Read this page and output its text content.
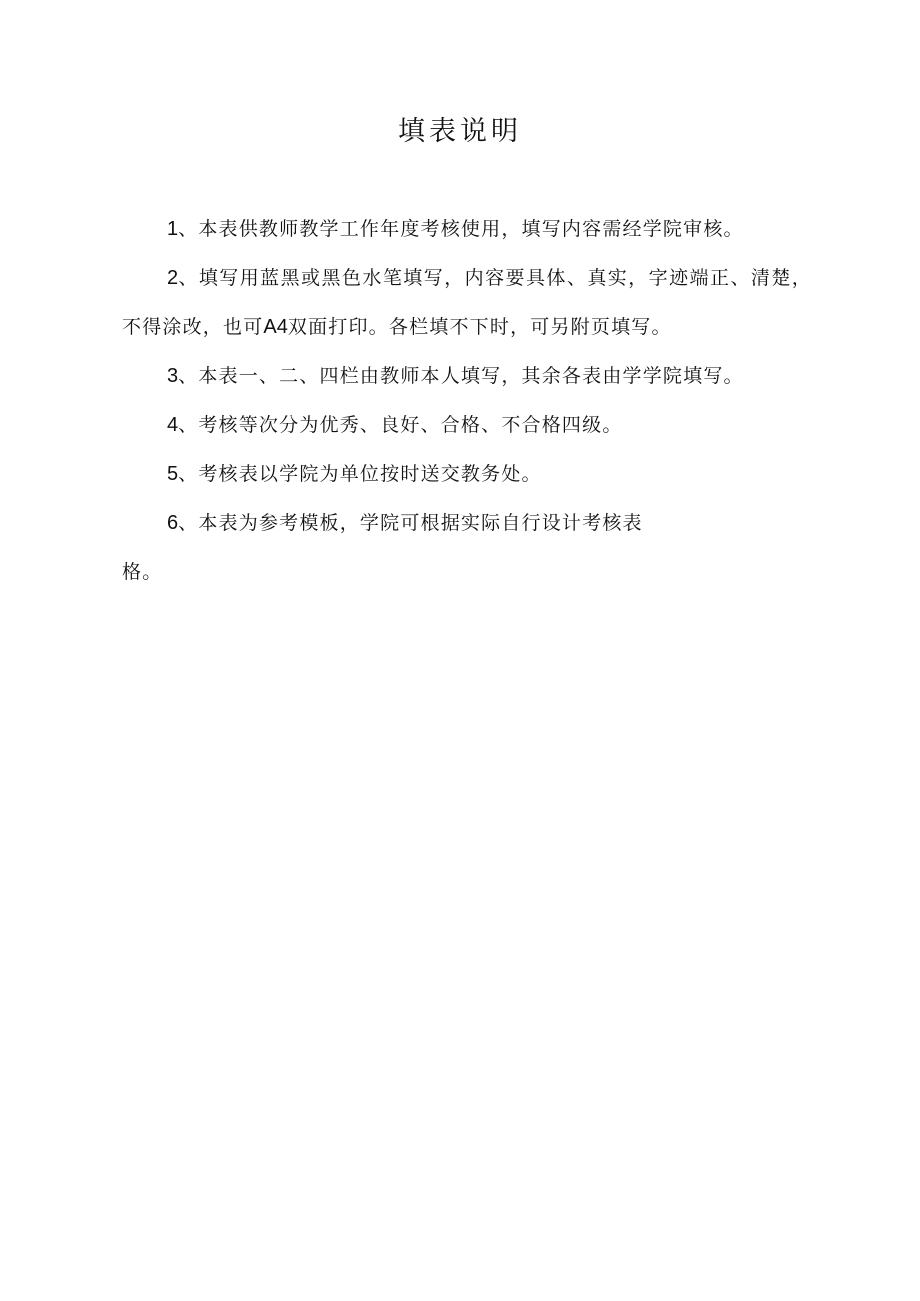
填表说明
1、本表供教师教学工作年度考核使用，填写内容需经学院审核。
2、填写用蓝黑或黑色水笔填写，内容要具体、真实，字迹端正、清楚，不得涂改，也可A4双面打印。各栏填不下时，可另附页填写。
3、本表一、二、四栏由教师本人填写，其余各表由学学院填写。
4、考核等次分为优秀、良好、合格、不合格四级。
5、考核表以学院为单位按时送交教务处。
6、本表为参考模板，学院可根据实际自行设计考核表
格。
